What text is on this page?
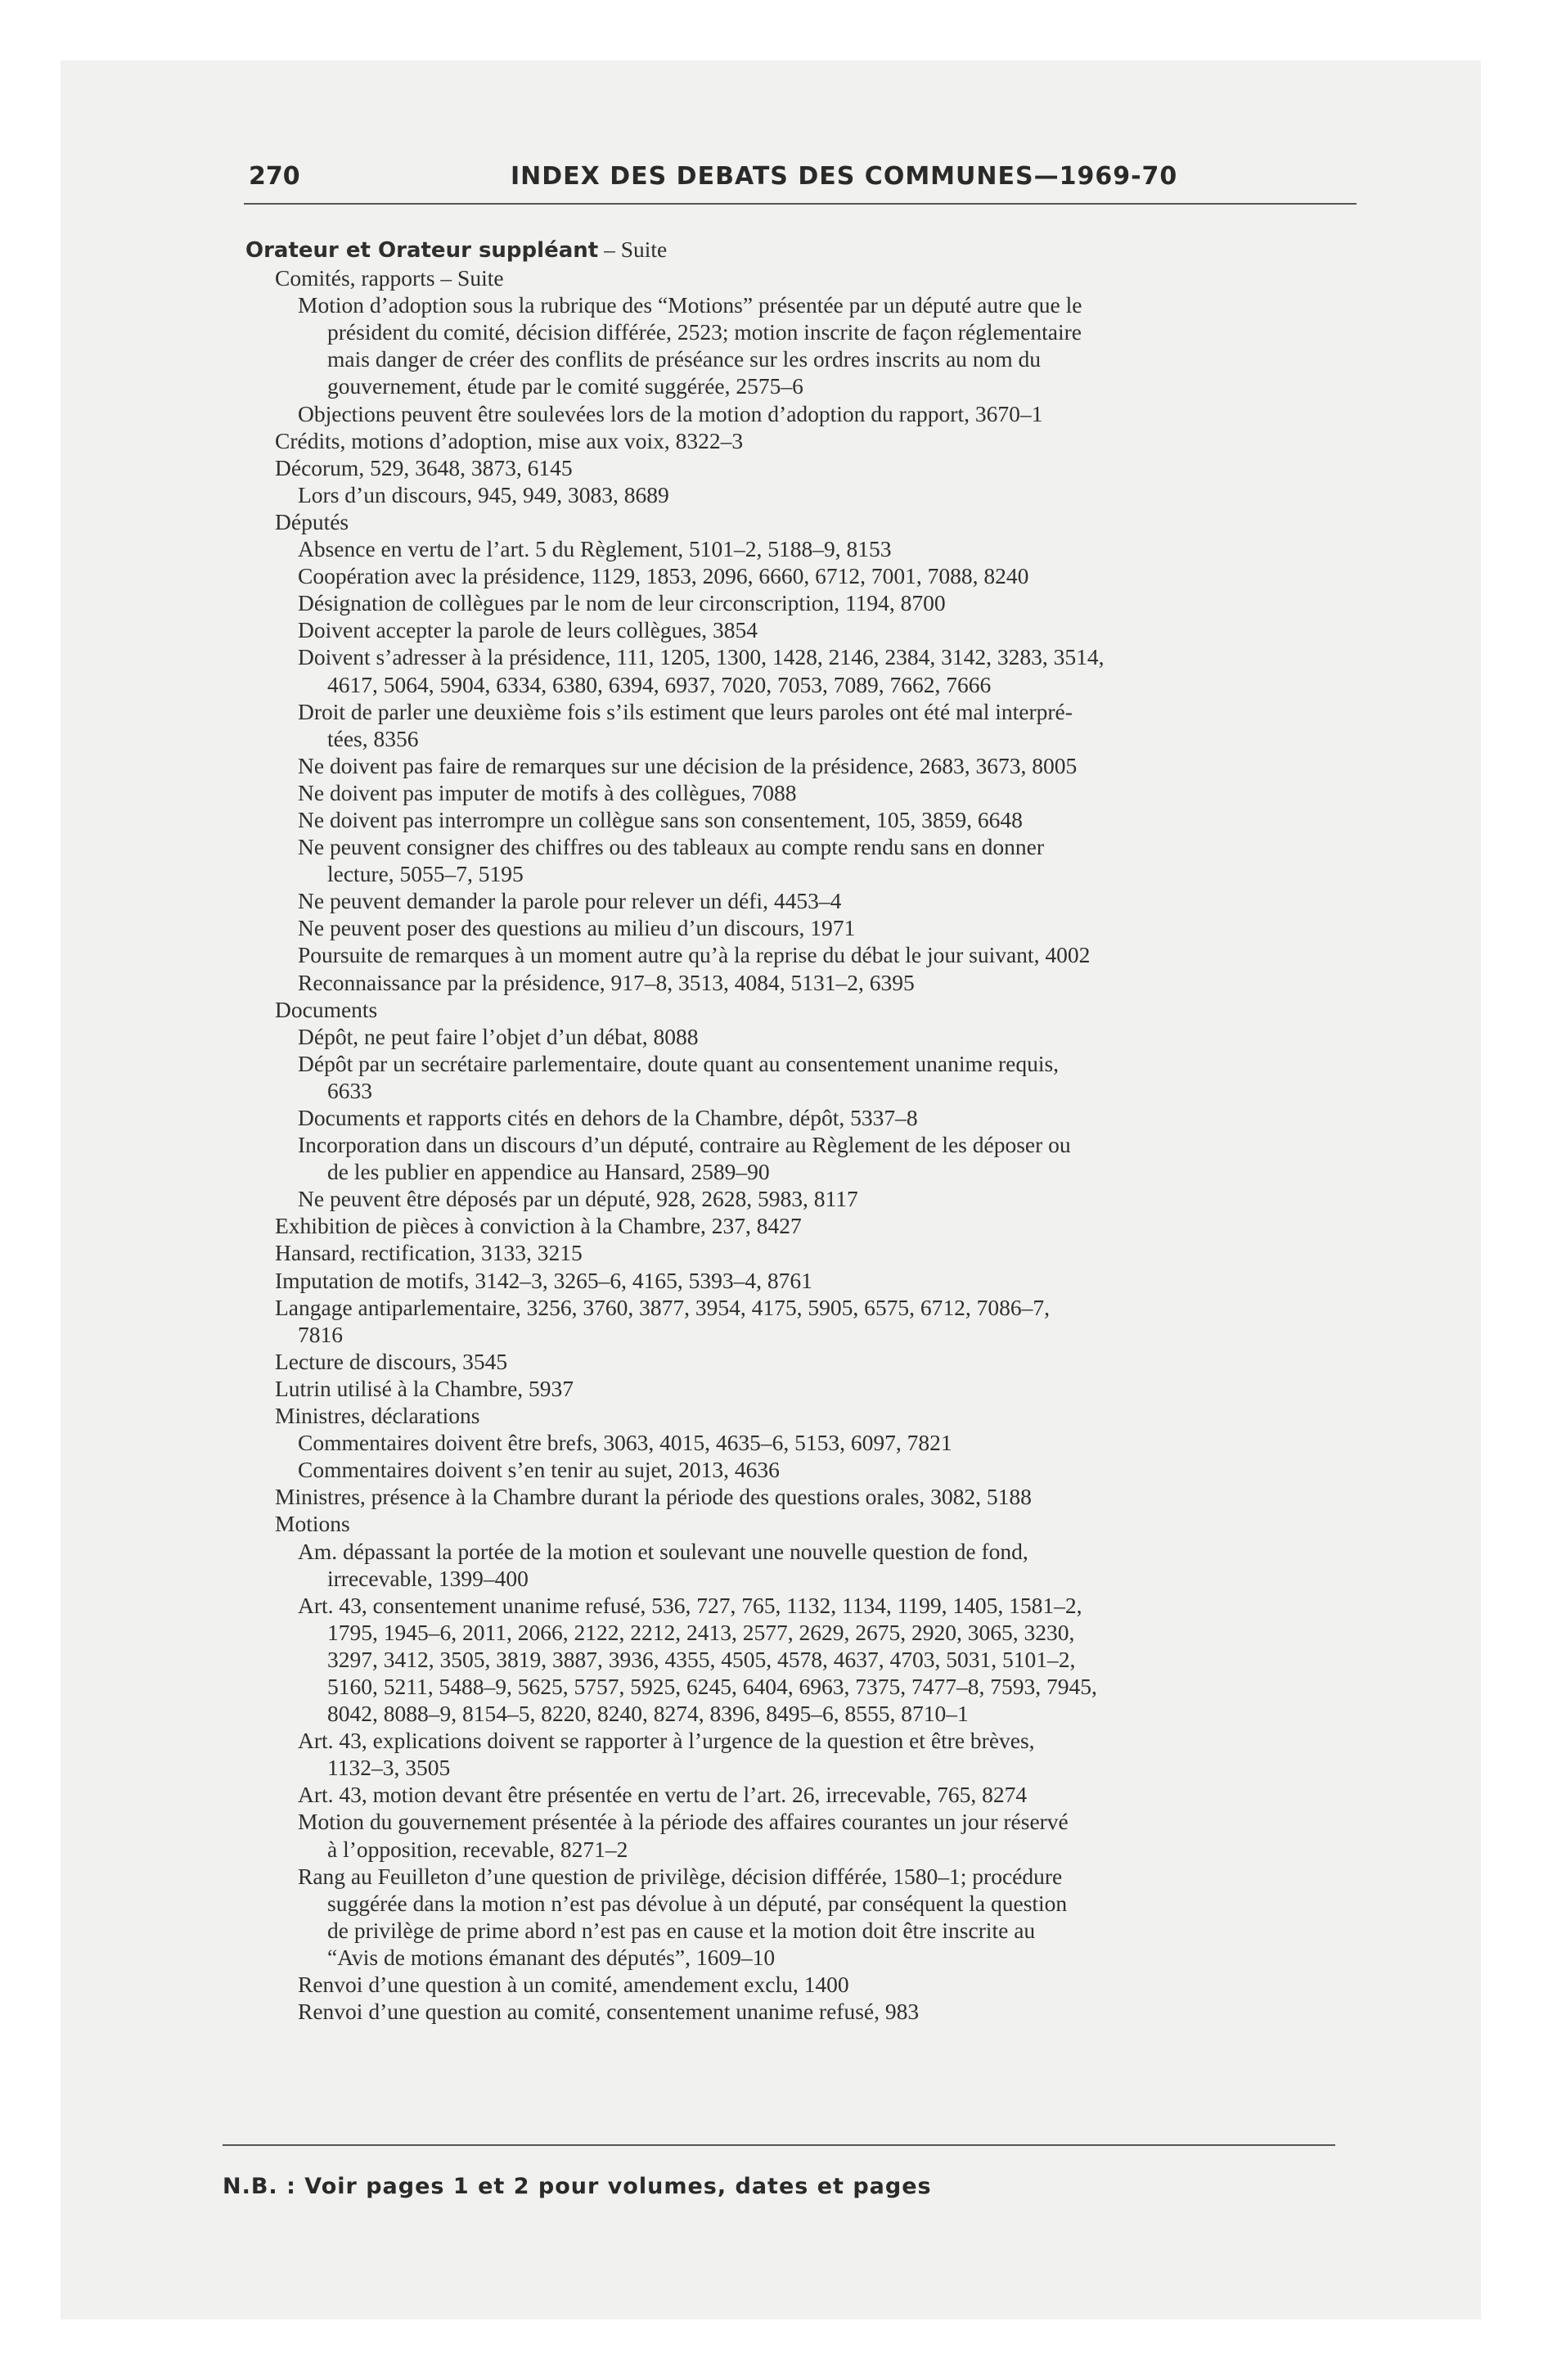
270	INDEX DES DEBATS DES COMMUNES—1969-70
Orateur et Orateur suppléant – Suite
Comités, rapports – Suite
Motion d’adoption sous la rubrique des “Motions” présentée par un député autre que le
président du comité, décision différée, 2523; motion inscrite de façon réglementaire
mais danger de créer des conflits de préséance sur les ordres inscrits au nom du
gouvernement, étude par le comité suggérée, 2575–6
Objections peuvent être soulevées lors de la motion d’adoption du rapport, 3670–1
Crédits, motions d’adoption, mise aux voix, 8322–3
Décorum, 529, 3648, 3873, 6145
Lors d’un discours, 945, 949, 3083, 8689
Députés
Absence en vertu de l’art. 5 du Règlement, 5101–2, 5188–9, 8153
Coopération avec la présidence, 1129, 1853, 2096, 6660, 6712, 7001, 7088, 8240
Désignation de collègues par le nom de leur circonscription, 1194, 8700
Doivent accepter la parole de leurs collègues, 3854
Doivent s’adresser à la présidence, 111, 1205, 1300, 1428, 2146, 2384, 3142, 3283, 3514,
4617, 5064, 5904, 6334, 6380, 6394, 6937, 7020, 7053, 7089, 7662, 7666
Droit de parler une deuxième fois s’ils estiment que leurs paroles ont été mal interpré-
tées, 8356
Ne doivent pas faire de remarques sur une décision de la présidence, 2683, 3673, 8005
Ne doivent pas imputer de motifs à des collègues, 7088
Ne doivent pas interrompre un collègue sans son consentement, 105, 3859, 6648
Ne peuvent consigner des chiffres ou des tableaux au compte rendu sans en donner
lecture, 5055–7, 5195
Ne peuvent demander la parole pour relever un défi, 4453–4
Ne peuvent poser des questions au milieu d’un discours, 1971
Poursuite de remarques à un moment autre qu’à la reprise du débat le jour suivant, 4002
Reconnaissance par la présidence, 917–8, 3513, 4084, 5131–2, 6395
Documents
Dépôt, ne peut faire l’objet d’un débat, 8088
Dépôt par un secrétaire parlementaire, doute quant au consentement unanime requis,
6633
Documents et rapports cités en dehors de la Chambre, dépôt, 5337–8
Incorporation dans un discours d’un député, contraire au Règlement de les déposer ou
de les publier en appendice au Hansard, 2589–90
Ne peuvent être déposés par un député, 928, 2628, 5983, 8117
Exhibition de pièces à conviction à la Chambre, 237, 8427
Hansard, rectification, 3133, 3215
Imputation de motifs, 3142–3, 3265–6, 4165, 5393–4, 8761
Langage antiparlementaire, 3256, 3760, 3877, 3954, 4175, 5905, 6575, 6712, 7086–7,
7816
Lecture de discours, 3545
Lutrin utilisé à la Chambre, 5937
Ministres, déclarations
Commentaires doivent être brefs, 3063, 4015, 4635–6, 5153, 6097, 7821
Commentaires doivent s’en tenir au sujet, 2013, 4636
Ministres, présence à la Chambre durant la période des questions orales, 3082, 5188
Motions
Am. dépassant la portée de la motion et soulevant une nouvelle question de fond,
irrecevable, 1399–400
Art. 43, consentement unanime refusé, 536, 727, 765, 1132, 1134, 1199, 1405, 1581–2,
1795, 1945–6, 2011, 2066, 2122, 2212, 2413, 2577, 2629, 2675, 2920, 3065, 3230,
3297, 3412, 3505, 3819, 3887, 3936, 4355, 4505, 4578, 4637, 4703, 5031, 5101–2,
5160, 5211, 5488–9, 5625, 5757, 5925, 6245, 6404, 6963, 7375, 7477–8, 7593, 7945,
8042, 8088–9, 8154–5, 8220, 8240, 8274, 8396, 8495–6, 8555, 8710–1
Art. 43, explications doivent se rapporter à l’urgence de la question et être brèves,
1132–3, 3505
Art. 43, motion devant être présentée en vertu de l’art. 26, irrecevable, 765, 8274
Motion du gouvernement présentée à la période des affaires courantes un jour réservé
à l’opposition, recevable, 8271–2
Rang au Feuilleton d’une question de privilège, décision différée, 1580–1; procédure
suggérée dans la motion n’est pas dévolue à un député, par conséquent la question
de privilège de prime abord n’est pas en cause et la motion doit être inscrite au
“Avis de motions émanant des députés”, 1609–10
Renvoi d’une question à un comité, amendement exclu, 1400
Renvoi d’une question au comité, consentement unanime refusé, 983
N.B. : Voir pages 1 et 2 pour volumes, dates et pages
